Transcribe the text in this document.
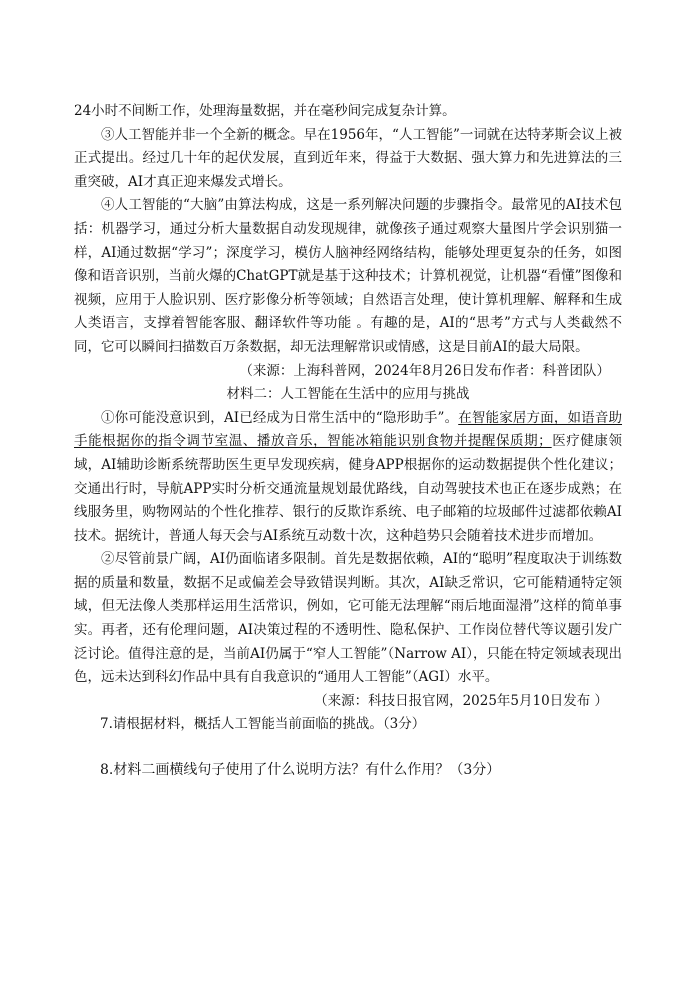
24小时不间断工作，处理海量数据，并在毫秒间完成复杂计算。

③人工智能并非一个全新的概念。早在1956年，“人工智能”一词就在达特茅斯会议上被正式提出。经过几十年的起伏发展，直到近年来，得益于大数据、强大算力和先进算法的三重突破，AI才真正迎来爆发式增长。

④人工智能的“大脑”由算法构成，这是一系列解决问题的步骤指令。最常见的AI技术包括：机器学习，通过分析大量数据自动发现规律，就像孩子通过观察大量图片学会识别猫一样，AI通过数据“学习”；深度学习，模仿人脑神经网络结构，能够处理更复杂的任务，如图像和语音识别，当前火爆的ChatGPT就是基于这种技术；计算机视觉，让机器“看懂”图像和视频，应用于人脸识别、医疗影像分析等领域；自然语言处理，使计算机理解、解释和生成人类语言，支撑着智能客服、翻译软件等功能 。有趣的是，AI的“思考”方式与人类截然不同，它可以瞬间扫描数百万条数据，却无法理解常识或情感，这是目前AI的最大局限。

（来源：上海科普网，2024年8月26日发布作者：科普团队）

材料二：人工智能在生活中的应用与挑战

①你可能没意识到，AI已经成为日常生活中的“隐形助手”。在智能家居方面，如语音助手能根据你的指令调节室温、播放音乐，智能冰箱能识别食物并提醒保质期；医疗健康领域，AI辅助诊断系统帮助医生更早发现疾病，健身APP根据你的运动数据提供个性化建议；交通出行时，导航APP实时分析交通流量规划最优路线，自动驾驶技术也正在逐步成熟；在线服务里，购物网站的个性化推荐、银行的反欺诈系统、电子邮箱的垃圾邮件过滤都依赖AI技术。据统计，普通人每天会与AI系统互动数十次，这种趋势只会随着技术进步而增加。

②尽管前景广阔，AI仍面临诸多限制。首先是数据依赖，AI的“聪明”程度取决于训练数据的质量和数量，数据不足或偏差会导致错误判断。其次，AI缺乏常识，它可能精通特定领域，但无法像人类那样运用生活常识，例如，它可能无法理解“雨后地面湿滑”这样的简单事实。再者，还有伦理问题，AI决策过程的不透明性、隐私保护、工作岗位替代等议题引发广泛讨论。值得注意的是，当前AI仍属于“窄人工智能”（Narrow AI），只能在特定领域表现出色，远未达到科幻作品中具有自我意识的“通用人工智能”（AGI）水平。

（来源：科技日报官网，2025年5月10日发布 ）

7.请根据材料，概括人工智能当前面临的挑战。（3分）

8.材料二画横线句子使用了什么说明方法？有什么作用？（3分）
